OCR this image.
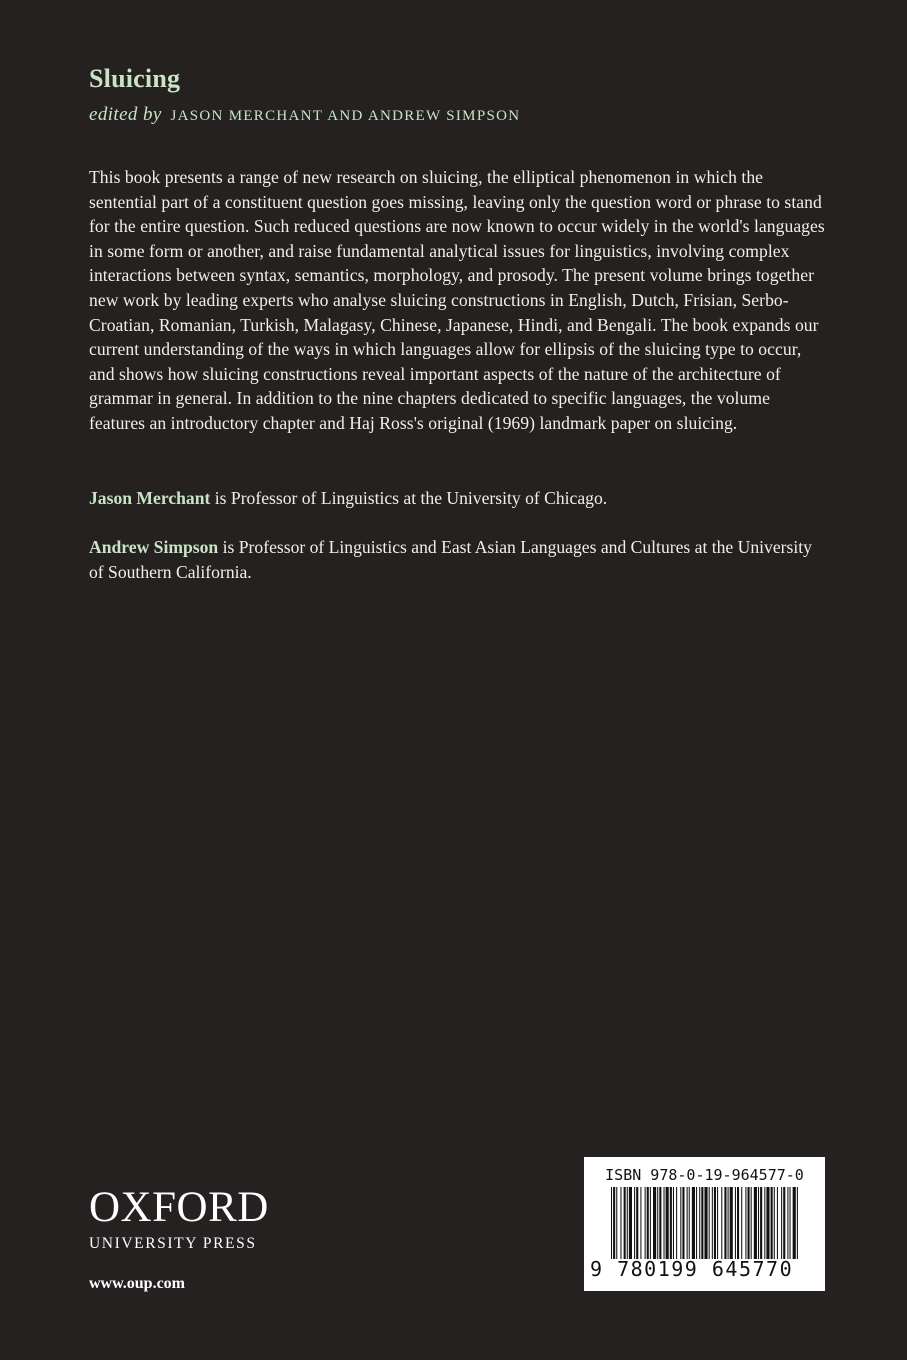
Sluicing

edited by JASON MERCHANT AND ANDREW SIMPSON

This book presents a range of new research on sluicing, the elliptical phenomenon in which the sentential part of a constituent question goes missing, leaving only the question word or phrase to stand for the entire question. Such reduced questions are now known to occur widely in the world's languages in some form or another, and raise fundamental analytical issues for linguistics, involving complex interactions between syntax, semantics, morphology, and prosody. The present volume brings together new work by leading experts who analyse sluicing constructions in English, Dutch, Frisian, Serbo-Croatian, Romanian, Turkish, Malagasy, Chinese, Japanese, Hindi, and Bengali. The book expands our current understanding of the ways in which languages allow for ellipsis of the sluicing type to occur, and shows how sluicing constructions reveal important aspects of the nature of the architecture of grammar in general. In addition to the nine chapters dedicated to specific languages, the volume features an introductory chapter and Haj Ross's original (1969) landmark paper on sluicing.

Jason Merchant is Professor of Linguistics at the University of Chicago.

Andrew Simpson is Professor of Linguistics and East Asian Languages and Cultures at the University of Southern California.

OXFORD
UNIVERSITY PRESS
www.oup.com
ISBN 978-0-19-964577-0
9 780199 645770
